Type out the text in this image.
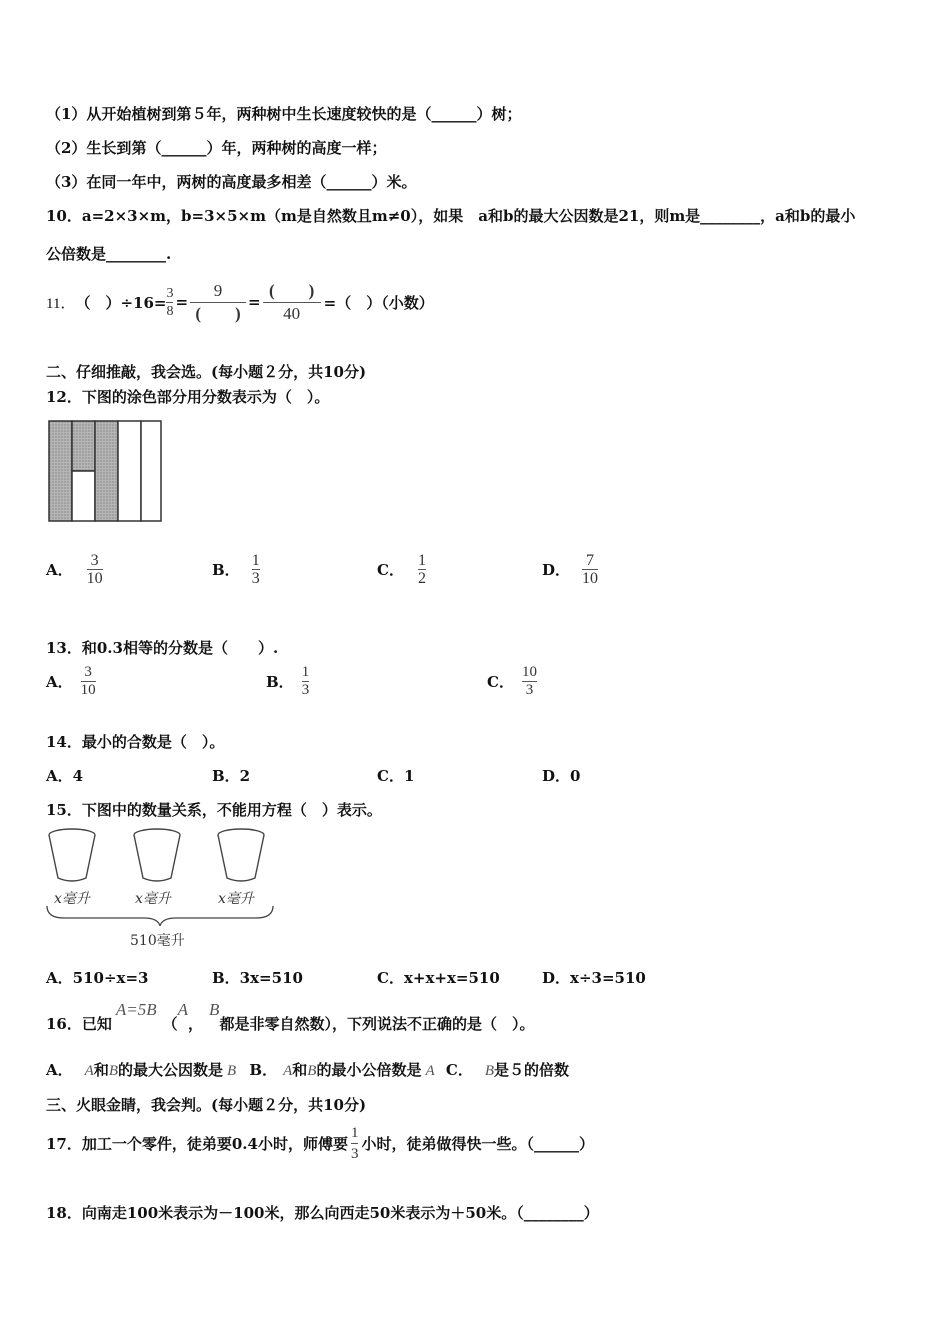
（1）从开始植树到第５年，两种树中生长速度较快的是（______）树；
（2）生长到第（______）年，两种树的高度一样；
（3）在同一年中，两树的高度最多相差（______）米。
10．a=2×3×m，b=3×5×m（m是自然数且m≠0），如果　a和b的最大公因数是21，则m是________，a和b的最小
公倍数是________.
11． （　）$\div 16= \frac{3}{8} = \frac{9}{( )} = \frac{( )}{40}$ =（　）（小数）
二、仔细推敲，我会选。(每小题２分，共10分)
12．下图的涂色部分用分数表示为（　）。
A． $\frac{3}{10}$	B． $\frac{1}{3}$	C． $\frac{1}{2}$	D． $\frac{7}{10}$
13．和0.3相等的分数是（　　）.
A． $\frac{3}{10}$	B． $\frac{1}{3}$	C． $\frac{10}{3}$
14．最小的合数是（　）。
A．4	B．2	C．1	D．0
15．下图中的数量关系，不能用方程（　）表示。
x毫升	x毫升	x毫升
510毫升
A．510÷x=3	B．3x=510	C．x+x+x=510	D．x÷3=510
16．已知
A=5B
（
A
，
B
都是非零自然数），下列说法不正确的是（　）。
A． A和B的最大公因数是 B B． A和B的最小公倍数是 A C． B是５的倍数
三、火眼金睛，我会判。(每小题２分，共10分)
17．加工一个零件，徒弟要0.4小时，师傅要 $\frac{1}{3}$ 小时，徒弟做得快一些。（______）
18．向南走100米表示为－100米，那么向西走50米表示为＋50米。（________）
